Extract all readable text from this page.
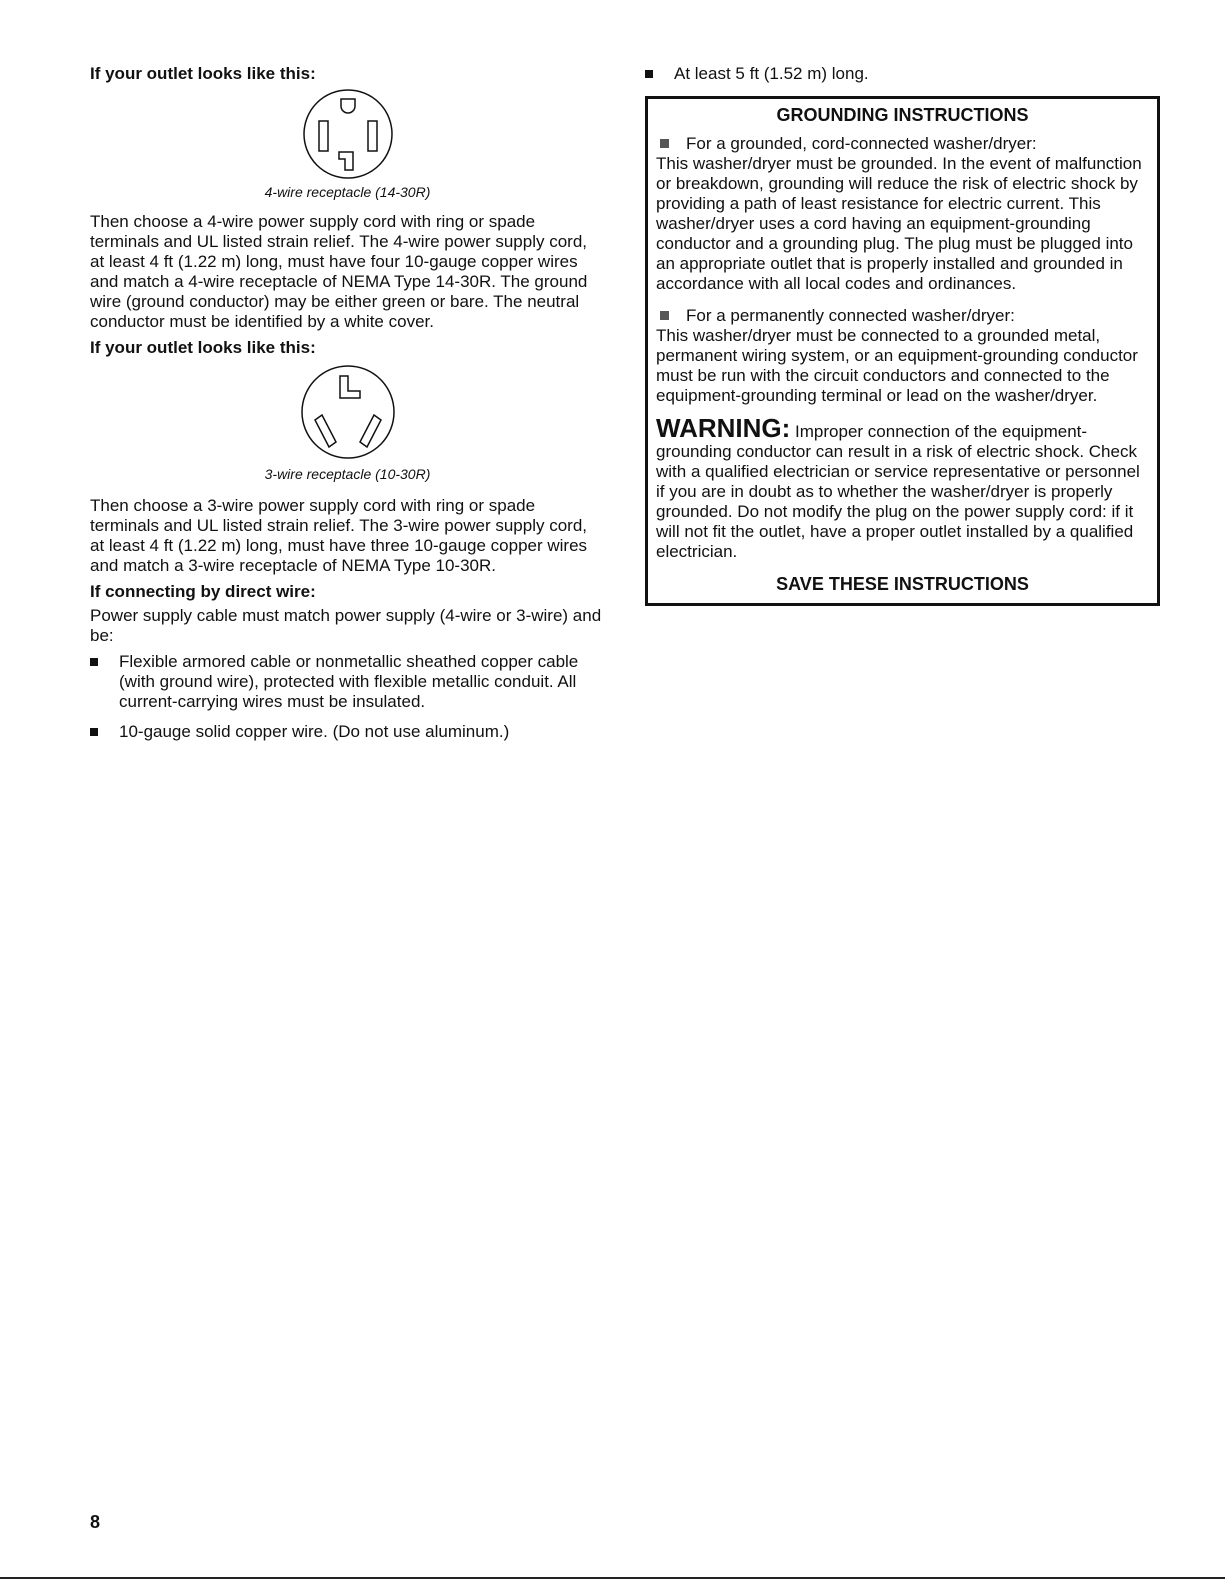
If your outlet looks like this:
4-wire receptacle (14-30R)

Then choose a 4-wire power supply cord with ring or spade terminals and UL listed strain relief. The 4-wire power supply cord, at least 4 ft (1.22 m) long, must have four 10-gauge copper wires and match a 4-wire receptacle of NEMA Type 14-30R. The ground wire (ground conductor) may be either green or bare. The neutral conductor must be identified by a white cover.

If your outlet looks like this:
3-wire receptacle (10-30R)

Then choose a 3-wire power supply cord with ring or spade terminals and UL listed strain relief. The 3-wire power supply cord, at least 4 ft (1.22 m) long, must have three 10-gauge copper wires and match a 3-wire receptacle of NEMA Type 10-30R.

If connecting by direct wire:

Power supply cable must match power supply (4-wire or 3-wire) and be:

Flexible armored cable or nonmetallic sheathed copper cable (with ground wire), protected with flexible metallic conduit. All current-carrying wires must be insulated.
10-gauge solid copper wire. (Do not use aluminum.)
At least 5 ft (1.52 m) long.
GROUNDING INSTRUCTIONS
For a grounded, cord-connected washer/dryer:

This washer/dryer must be grounded. In the event of malfunction or breakdown, grounding will reduce the risk of electric shock by providing a path of least resistance for electric current. This washer/dryer uses a cord having an equipment-grounding conductor and a grounding plug. The plug must be plugged into an appropriate outlet that is properly installed and grounded in accordance with all local codes and ordinances.

For a permanently connected washer/dryer:

This washer/dryer must be connected to a grounded metal, permanent wiring system, or an equipment-grounding conductor must be run with the circuit conductors and connected to the equipment-grounding terminal or lead on the washer/dryer.

WARNING: Improper connection of the equipment-grounding conductor can result in a risk of electric shock. Check with a qualified electrician or service representative or personnel if you are in doubt as to whether the washer/dryer is properly grounded. Do not modify the plug on the power supply cord: if it will not fit the outlet, have a proper outlet installed by a qualified electrician.

SAVE THESE INSTRUCTIONS
8
